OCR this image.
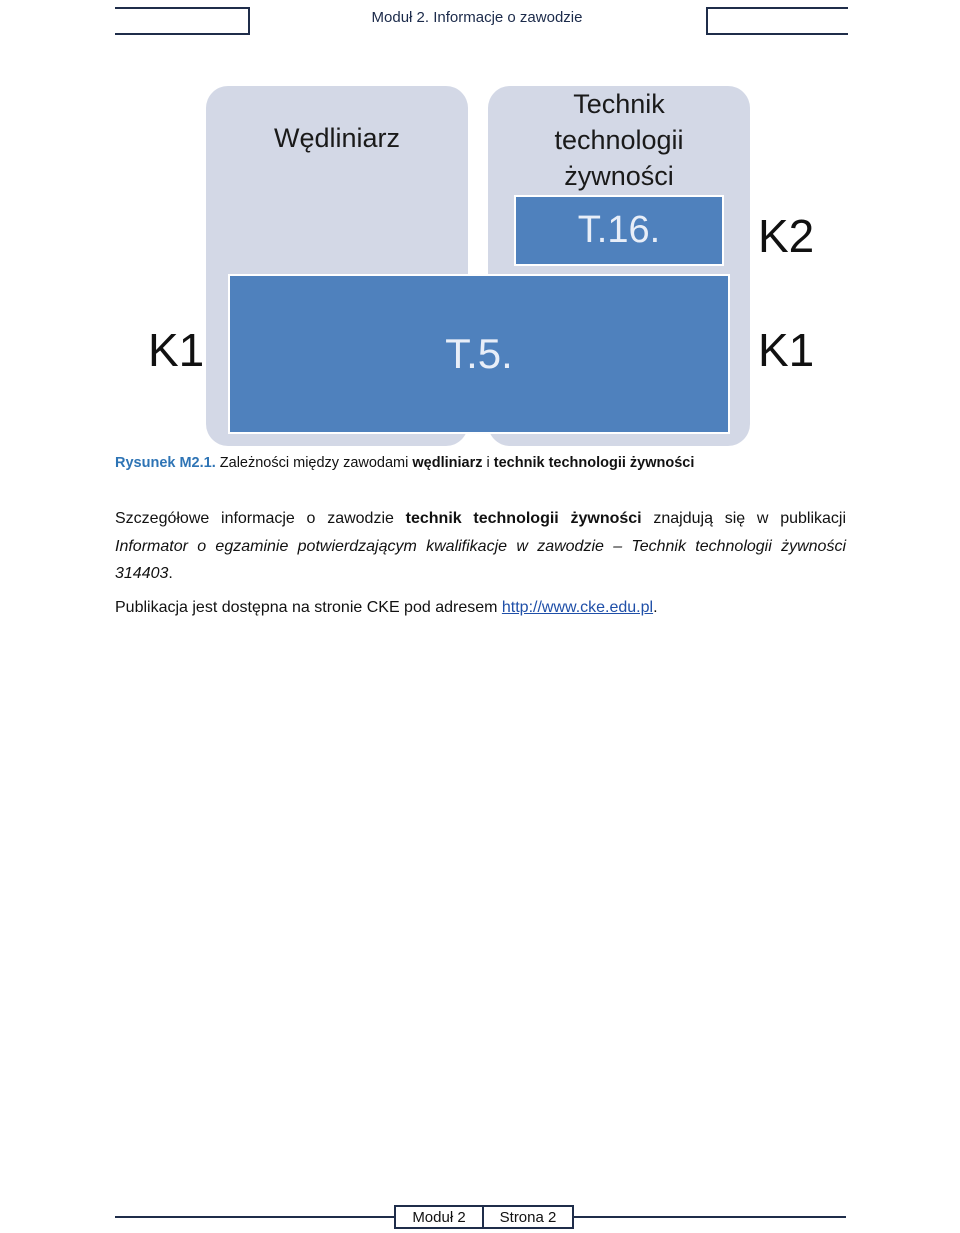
Moduł 2. Informacje o zawodzie
Wędliniarz
Technik
technologii
żywności
T.16.
T.5.
K1
K2
K1
Rysunek M2.1. Zależności między zawodami wędliniarz i technik technologii żywności
Szczegółowe informacje o zawodzie technik technologii żywności znajdują się w publikacji Informator o egzaminie potwierdzającym kwalifikacje w zawodzie – Technik technologii żywności 314403.
Publikacja jest dostępna na stronie CKE pod adresem http://www.cke.edu.pl.
Moduł 2	Strona 2
